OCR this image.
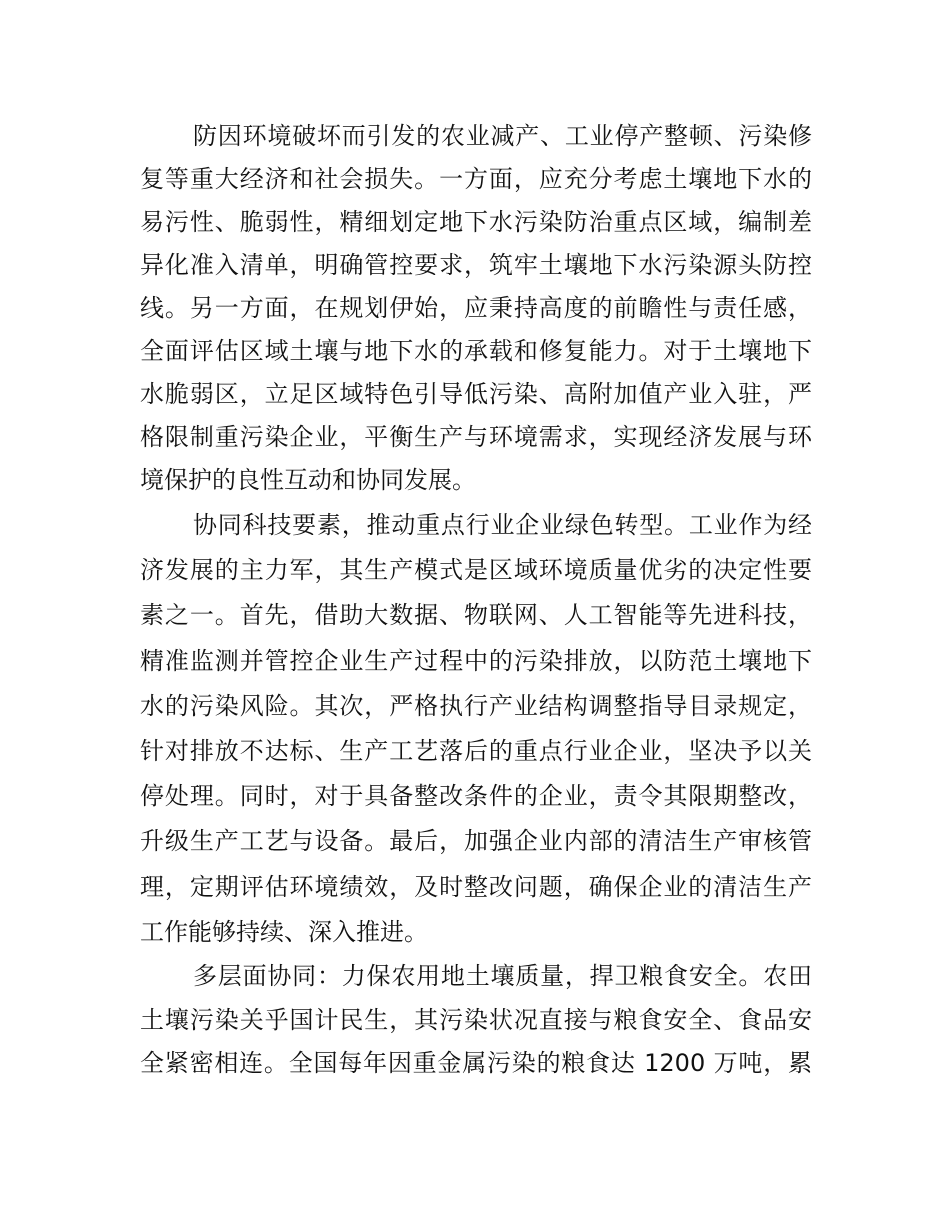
防因环境破坏而引发的农业减产、工业停产整顿、污染修
复等重大经济和社会损失。一方面，应充分考虑土壤地下水的
易污性、脆弱性，精细划定地下水污染防治重点区域，编制差
异化准入清单，明确管控要求，筑牢土壤地下水污染源头防控
线。另一方面，在规划伊始，应秉持高度的前瞻性与责任感，
全面评估区域土壤与地下水的承载和修复能力。对于土壤地下
水脆弱区，立足区域特色引导低污染、高附加值产业入驻，严
格限制重污染企业，平衡生产与环境需求，实现经济发展与环
境保护的良性互动和协同发展。
协同科技要素，推动重点行业企业绿色转型。工业作为经
济发展的主力军，其生产模式是区域环境质量优劣的决定性要
素之一。首先，借助大数据、物联网、人工智能等先进科技，
精准监测并管控企业生产过程中的污染排放，以防范土壤地下
水的污染风险。其次，严格执行产业结构调整指导目录规定，
针对排放不达标、生产工艺落后的重点行业企业，坚决予以关
停处理。同时，对于具备整改条件的企业，责令其限期整改，
升级生产工艺与设备。最后，加强企业内部的清洁生产审核管
理，定期评估环境绩效，及时整改问题，确保企业的清洁生产
工作能够持续、深入推进。
多层面协同：力保农用地土壤质量，捍卫粮食安全。农田
土壤污染关乎国计民生，其污染状况直接与粮食安全、食品安
全紧密相连。全国每年因重金属污染的粮食达 1200 万吨，累
